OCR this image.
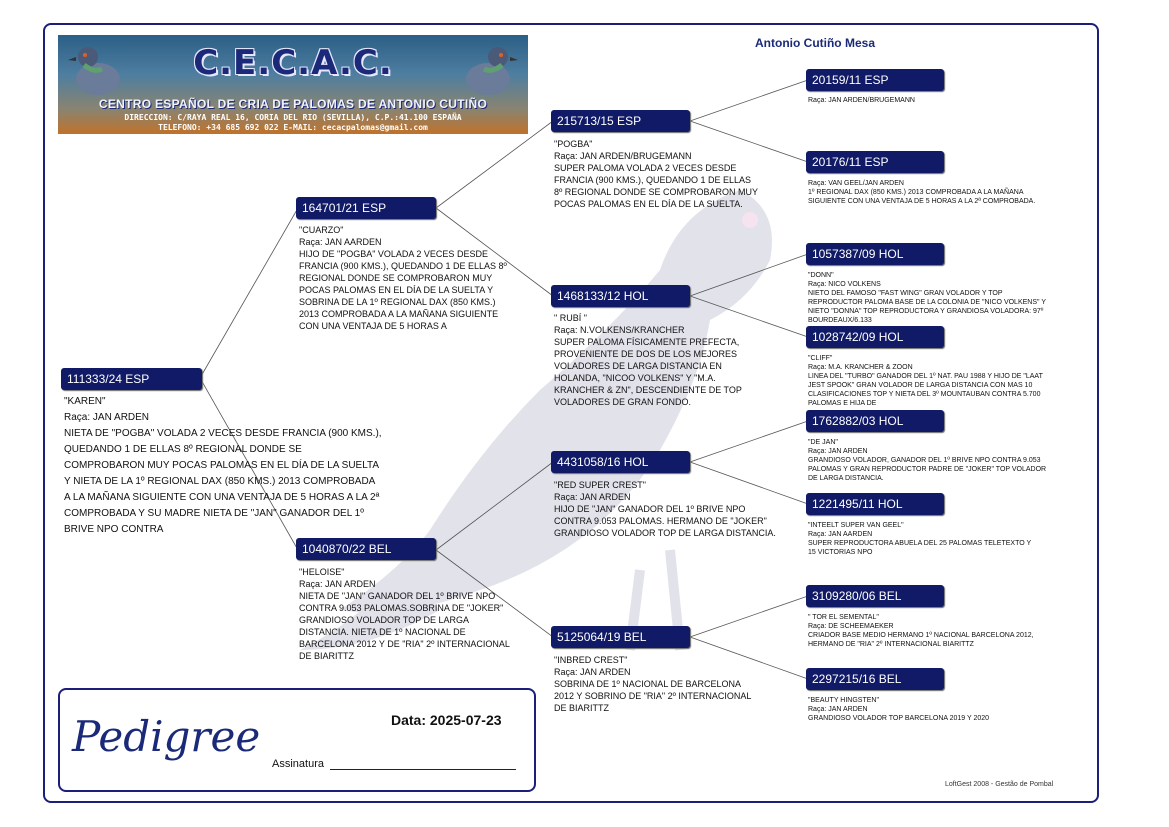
C.E.C.A.C.
CENTRO ESPAÑOL DE CRIA DE PALOMAS DE ANTONIO CUTIÑO
DIRECCION: C/RAYA REAL 16, CORIA DEL RIO (SEVILLA), C.P.:41.100 ESPAÑA
TELEFONO: +34 685 692 022 E-MAIL: cecacpalomas@gmail.com
Antonio Cutiño Mesa
111333/24 ESP
"KAREN"
Raça: JAN ARDEN
NIETA DE "POGBA" VOLADA 2 VECES DESDE FRANCIA (900 KMS.), QUEDANDO 1 DE ELLAS 8º REGIONAL DONDE SE COMPROBARON MUY POCAS PALOMAS EN EL DÍA DE LA SUELTA Y NIETA DE LA 1º REGIONAL DAX (850 KMS.) 2013 COMPROBADA A LA MAÑANA SIGUIENTE CON UNA VENTAJA DE 5 HORAS A LA 2ª COMPROBADA Y SU MADRE NIETA DE "JAN" GANADOR DEL 1º BRIVE NPO CONTRA
164701/21 ESP
"CUARZO"
Raça: JAN AARDEN
HIJO DE "POGBA" VOLADA 2 VECES DESDE FRANCIA (900 KMS.), QUEDANDO 1 DE ELLAS 8º REGIONAL DONDE SE COMPROBARON MUY POCAS PALOMAS EN EL DÍA DE LA SUELTA Y SOBRINA DE LA 1º REGIONAL DAX (850 KMS.) 2013 COMPROBADA A LA MAÑANA SIGUIENTE CON UNA VENTAJA DE 5 HORAS A
1040870/22 BEL
"HELOISE"
Raça: JAN ARDEN
NIETA DE "JAN" GANADOR DEL 1º BRIVE NPO CONTRA 9.053 PALOMAS.SOBRINA DE "JOKER" GRANDIOSO VOLADOR TOP DE LARGA DISTANCIA. NIETA DE 1º NACIONAL DE BARCELONA 2012 Y DE "RIA" 2º INTERNACIONAL DE BIARITTZ
215713/15 ESP
"POGBA"
Raça: JAN ARDEN/BRUGEMANN
SUPER PALOMA VOLADA 2 VECES DESDE FRANCIA (900 KMS.), QUEDANDO 1 DE ELLAS 8º REGIONAL DONDE SE COMPROBARON MUY POCAS PALOMAS EN EL DÍA DE LA SUELTA.
1468133/12 HOL
" RUBÍ "
Raça: N.VOLKENS/KRANCHER
SUPER PALOMA FÍSICAMENTE PREFECTA, PROVENIENTE DE DOS DE LOS MEJORES VOLADORES DE LARGA DISTANCIA EN HOLANDA, "NICOO VOLKENS" Y "M.A. KRANCHER & ZN", DESCENDIENTE DE TOP VOLADORES DE GRAN FONDO.
4431058/16 HOL
"RED SUPER CREST"
Raça: JAN ARDEN
HIJO DE "JAN" GANADOR DEL 1º BRIVE NPO CONTRA 9.053 PALOMAS. HERMANO DE "JOKER" GRANDIOSO VOLADOR TOP DE LARGA DISTANCIA.
5125064/19 BEL
"INBRED CREST"
Raça: JAN ARDEN
SOBRINA DE 1º NACIONAL DE BARCELONA 2012 Y SOBRINO DE "RIA" 2º INTERNACIONAL DE BIARITTZ
20159/11 ESP
Raça: JAN ARDEN/BRUGEMANN
20176/11 ESP
Raça: VAN GEEL/JAN ARDEN
1º REGIONAL DAX (850 KMS.) 2013 COMPROBADA A LA MAÑANA SIGUIENTE CON UNA VENTAJA DE 5 HORAS A LA 2ª COMPROBADA.
1057387/09 HOL
"DONN"
Raça: NICO VOLKENS
NIETO DEL FAMOSO "FAST WING" GRAN VOLADOR Y TOP REPRODUCTOR PALOMA BASE DE LA COLONIA DE "NICO VOLKENS" Y NIETO "DONNA" TOP REPRODUCTORA Y GRANDIOSA VOLADORA: 97º BOURDEAUX/6.133
1028742/09 HOL
"CLIFF"
Raça: M.A. KRANCHER & ZOON
LINEA DEL "TURBO" GANADOR DEL 1º NAT. PAU 1988 Y HIJO DE "LAAT JEST SPOOK" GRAN VOLADOR DE LARGA DISTANCIA CON MAS 10 CLASIFICACIONES TOP Y NIETA DEL 3º MOUNTAUBAN CONTRA 5.700 PALOMAS E HIJA DE
1762882/03 HOL
"DE JAN"
Raça: JAN ARDEN
GRANDIOSO VOLADOR, GANADOR DEL 1º BRIVE NPO CONTRA 9.053 PALOMAS Y GRAN REPRODUCTOR PADRE DE "JOKER" TOP VOLADOR DE LARGA DISTANCIA.
1221495/11 HOL
"INTEELT SUPER VAN GEEL"
Raça: JAN AARDEN
SUPER REPRODUCTORA ABUELA DEL 25 PALOMAS TELETEXTO Y 15 VICTORIAS NPO
3109280/06 BEL
" TOR EL SEMENTAL"
Raça: DE SCHEEMAEKER
CRIADOR BASE MEDIO HERMANO 1º NACIONAL BARCELONA 2012, HERMANO DE "RIA" 2º INTERNACIONAL BIARITTZ
2297215/16 BEL
"BEAUTY HINGSTEN"
Raça: JAN ARDEN
GRANDIOSO VOLADOR TOP BARCELONA 2019 Y 2020
Pedigree	Data: 2025-07-23
Assinatura
LoftGest 2008 - Gestão de Pombal
